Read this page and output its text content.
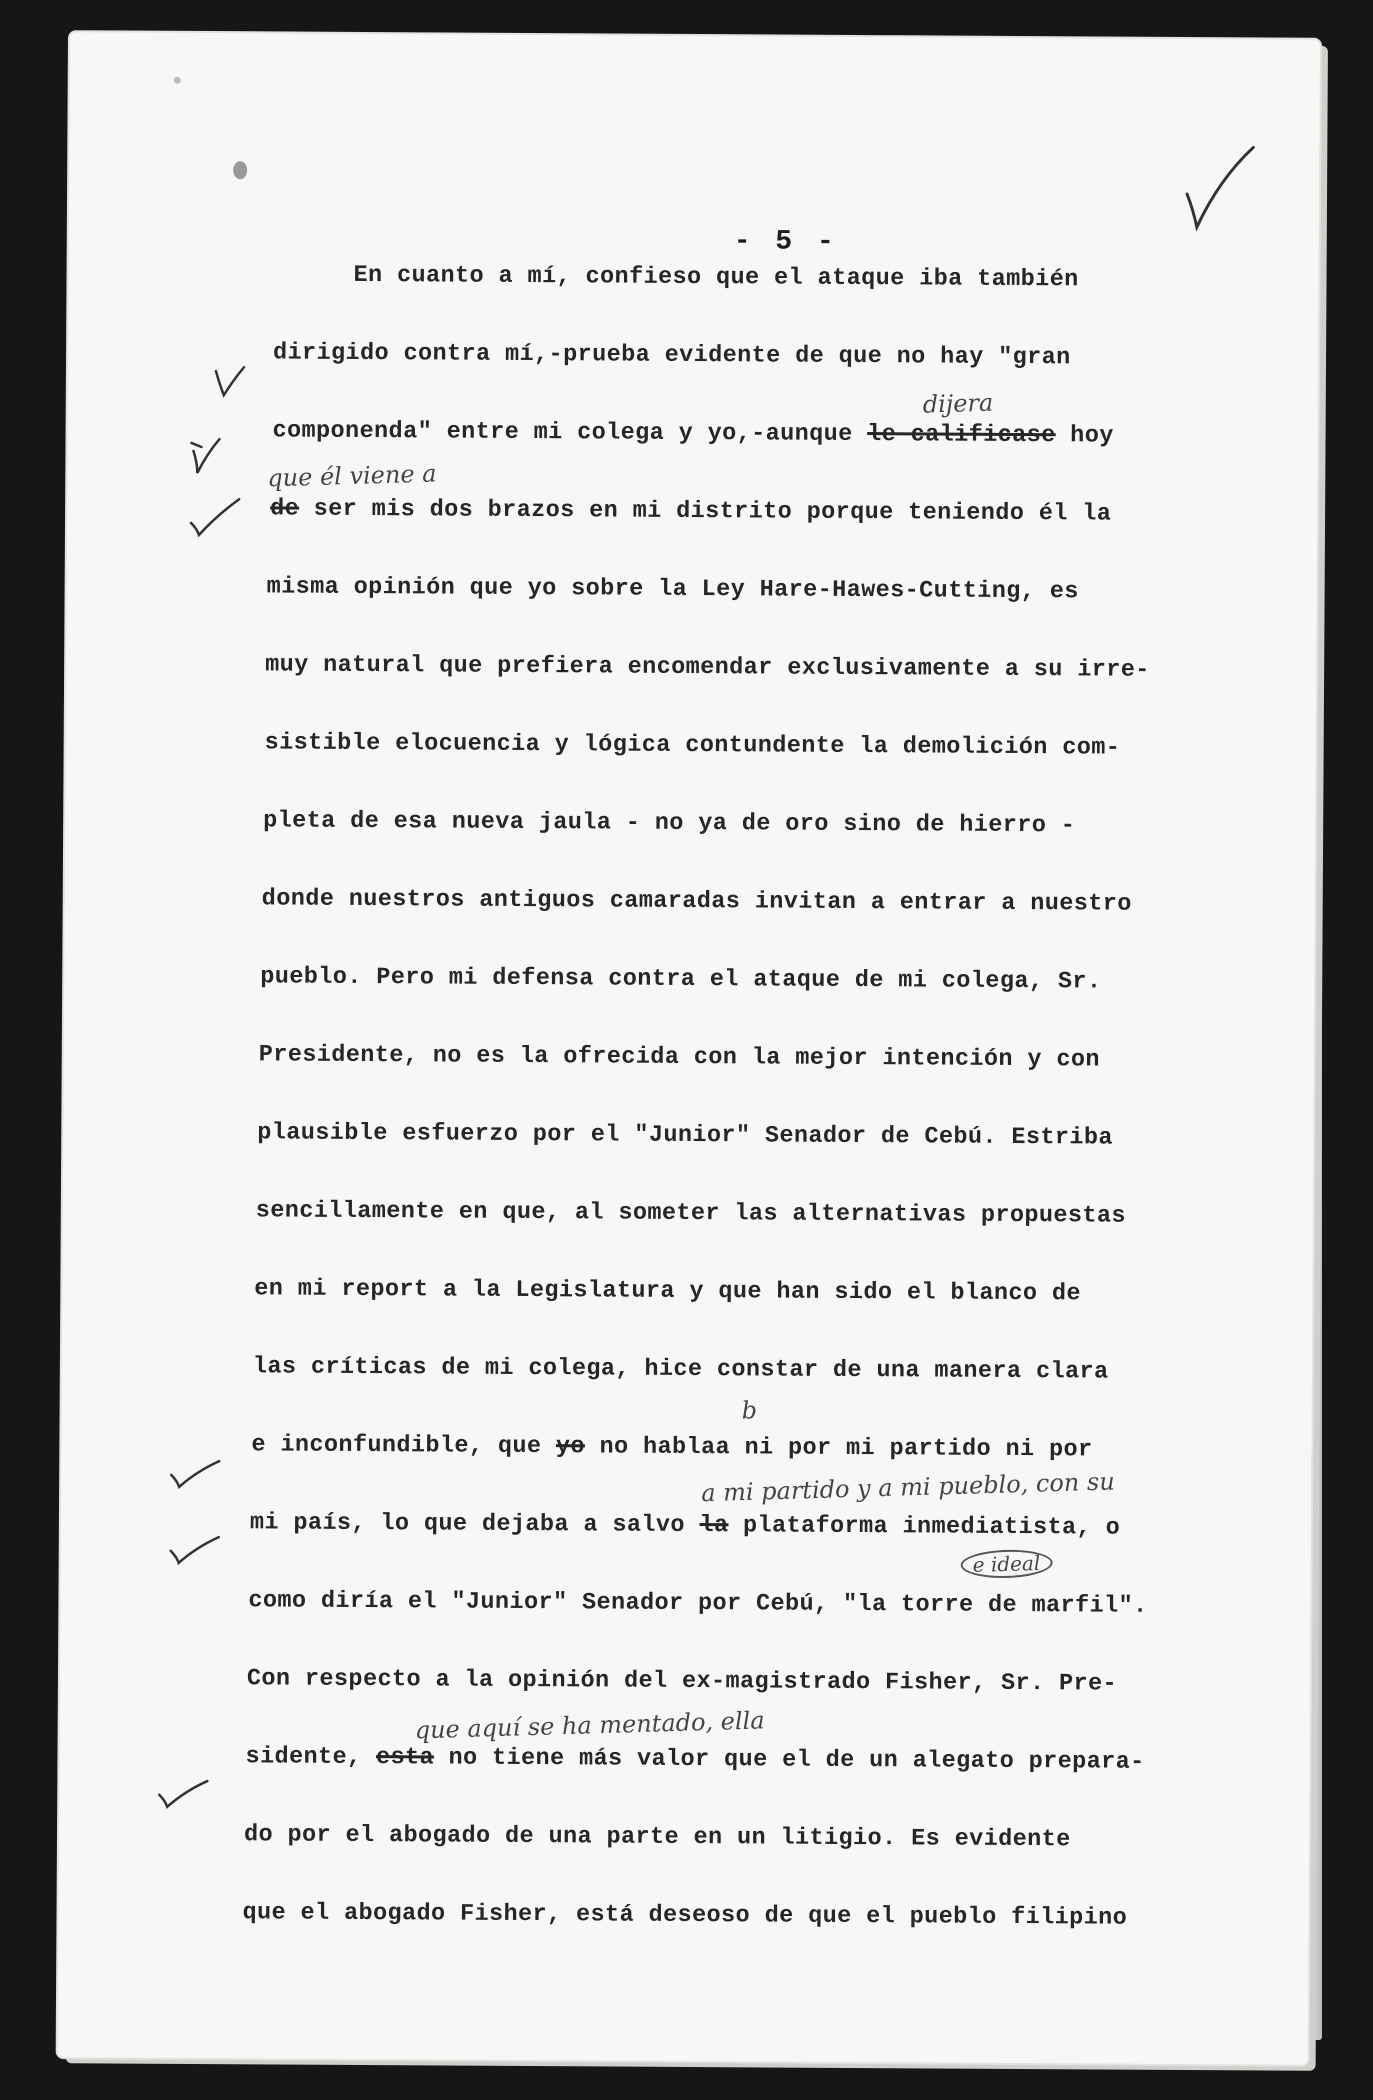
- 5 -
En cuanto a mí, confieso que el ataque iba también
dirigido contra mí,-prueba evidente de que no hay "gran
dijera
componenda" entre mi colega y yo,-aunque le calificase hoy
que él viene a
de ser mis dos brazos en mi distrito porque teniendo él la
misma opinión que yo sobre la Ley Hare-Hawes-Cutting, es
muy natural que prefiera encomendar exclusivamente a su irre-
sistible elocuencia y lógica contundente la demolición com-
pleta de esa nueva jaula - no ya de oro sino de hierro -
donde nuestros antiguos camaradas invitan a entrar a nuestro
pueblo. Pero mi defensa contra el ataque de mi colega, Sr.
Presidente, no es la ofrecida con la mejor intención y con
plausible esfuerzo por el "Junior" Senador de Cebú. Estriba
sencillamente en que, al someter las alternativas propuestas
en mi report a la Legislatura y que han sido el blanco de
las críticas de mi colega, hice constar de una manera clara
b
e inconfundible, que yo no hablaa ni por mi partido ni por
a mi partido y a mi pueblo, con su
mi país, lo que dejaba a salvo la plataforma inmediatista, o
e ideal
como diría el "Junior" Senador por Cebú, "la torre de marfil".
Con respecto a la opinión del ex-magistrado Fisher, Sr. Pre-
que aquí se ha mentado, ella
sidente, esta no tiene más valor que el de un alegato prepara-
do por el abogado de una parte en un litigio. Es evidente
que el abogado Fisher, está deseoso de que el pueblo filipino
